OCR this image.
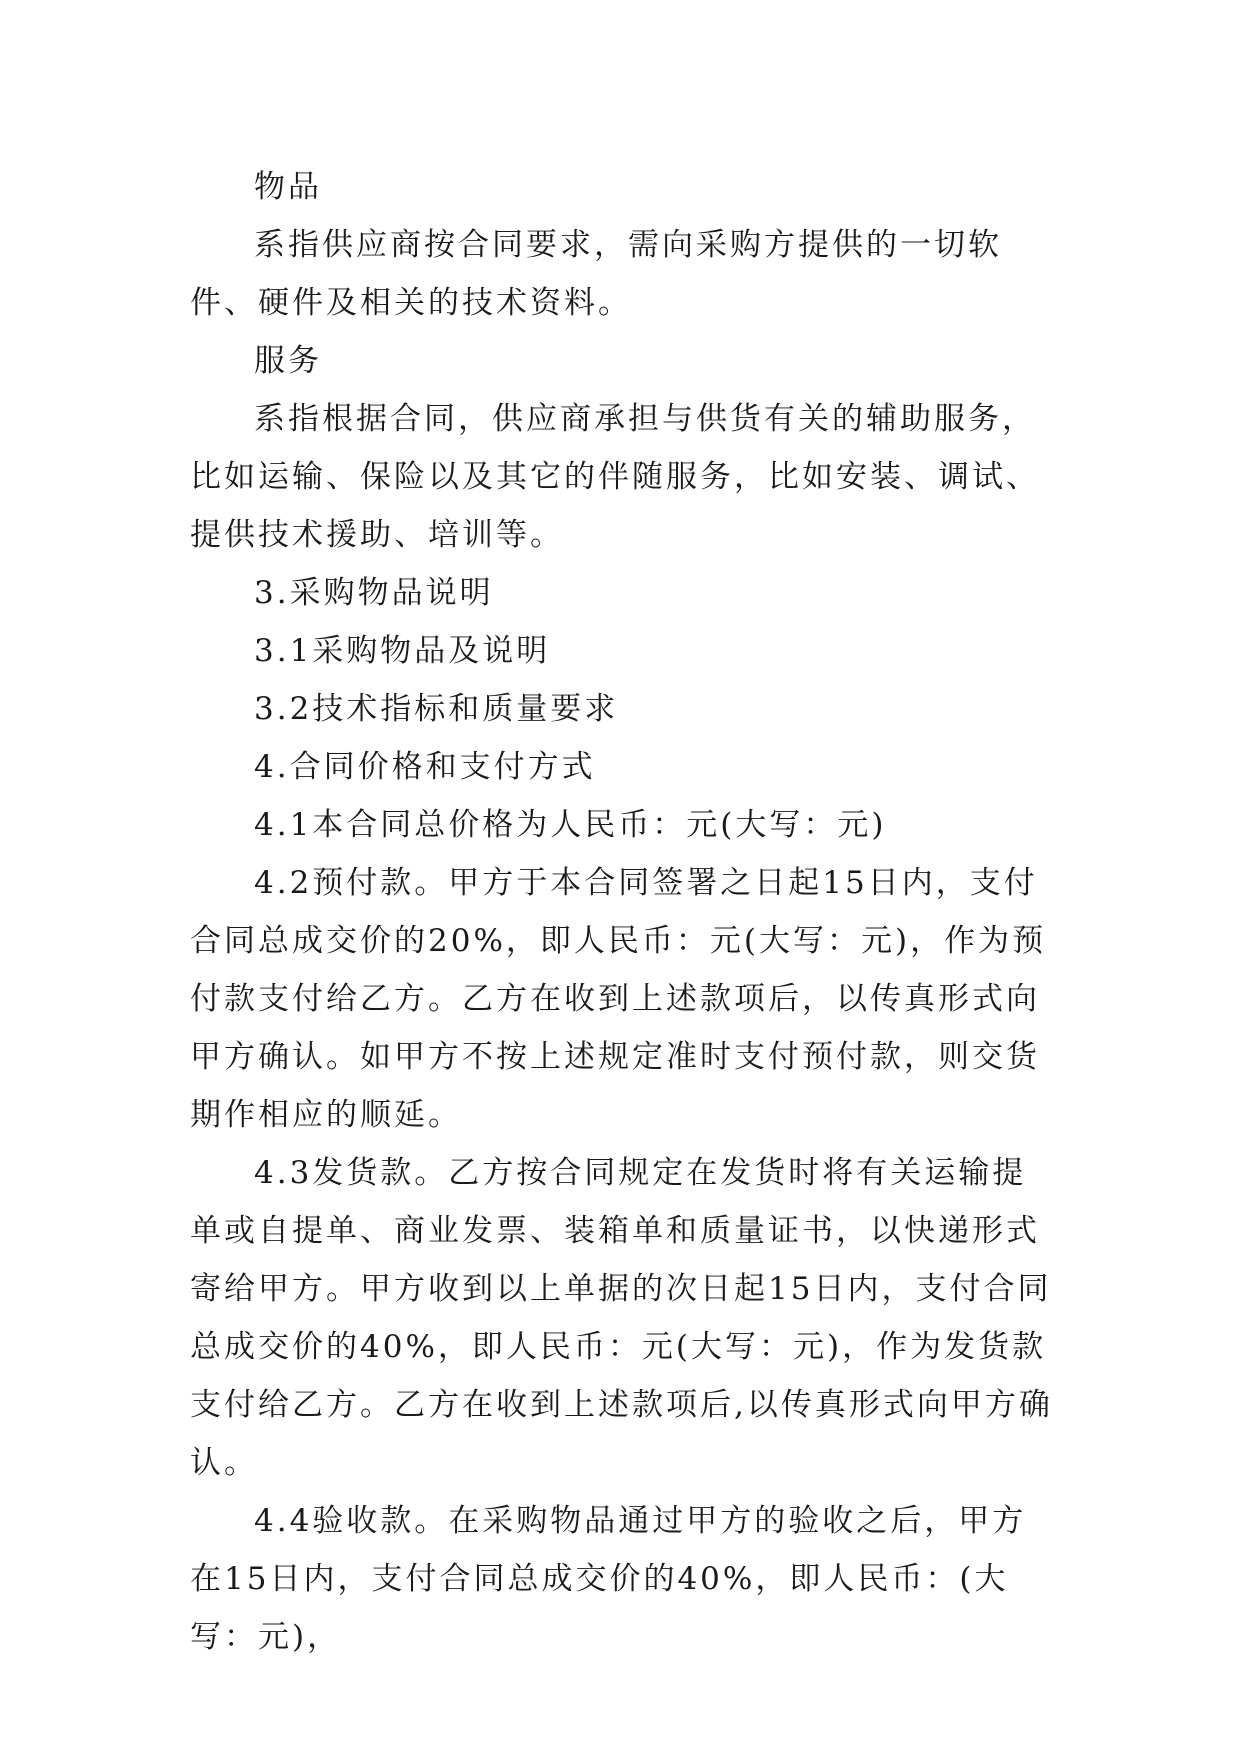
物品

系指供应商按合同要求，需向采购方提供的一切软件、硬件及相关的技术资料。

服务

系指根据合同，供应商承担与供货有关的辅助服务，比如运输、保险以及其它的伴随服务，比如安装、调试、提供技术援助、培训等。

3.采购物品说明

3.1采购物品及说明

3.2技术指标和质量要求

4.合同价格和支付方式

4.1本合同总价格为人民币：元(大写：元)

4.2预付款。甲方于本合同签署之日起15日内，支付合同总成交价的20%，即人民币：元(大写：元)，作为预付款支付给乙方。乙方在收到上述款项后，以传真形式向甲方确认。如甲方不按上述规定准时支付预付款，则交货期作相应的顺延。

4.3发货款。乙方按合同规定在发货时将有关运输提单或自提单、商业发票、装箱单和质量证书，以快递形式寄给甲方。甲方收到以上单据的次日起15日内，支付合同总成交价的40%，即人民币：元(大写：元)，作为发货款支付给乙方。乙方在收到上述款项后,以传真形式向甲方确认。

4.4验收款。在采购物品通过甲方的验收之后，甲方在15日内，支付合同总成交价的40%，即人民币：(大写：元)，
